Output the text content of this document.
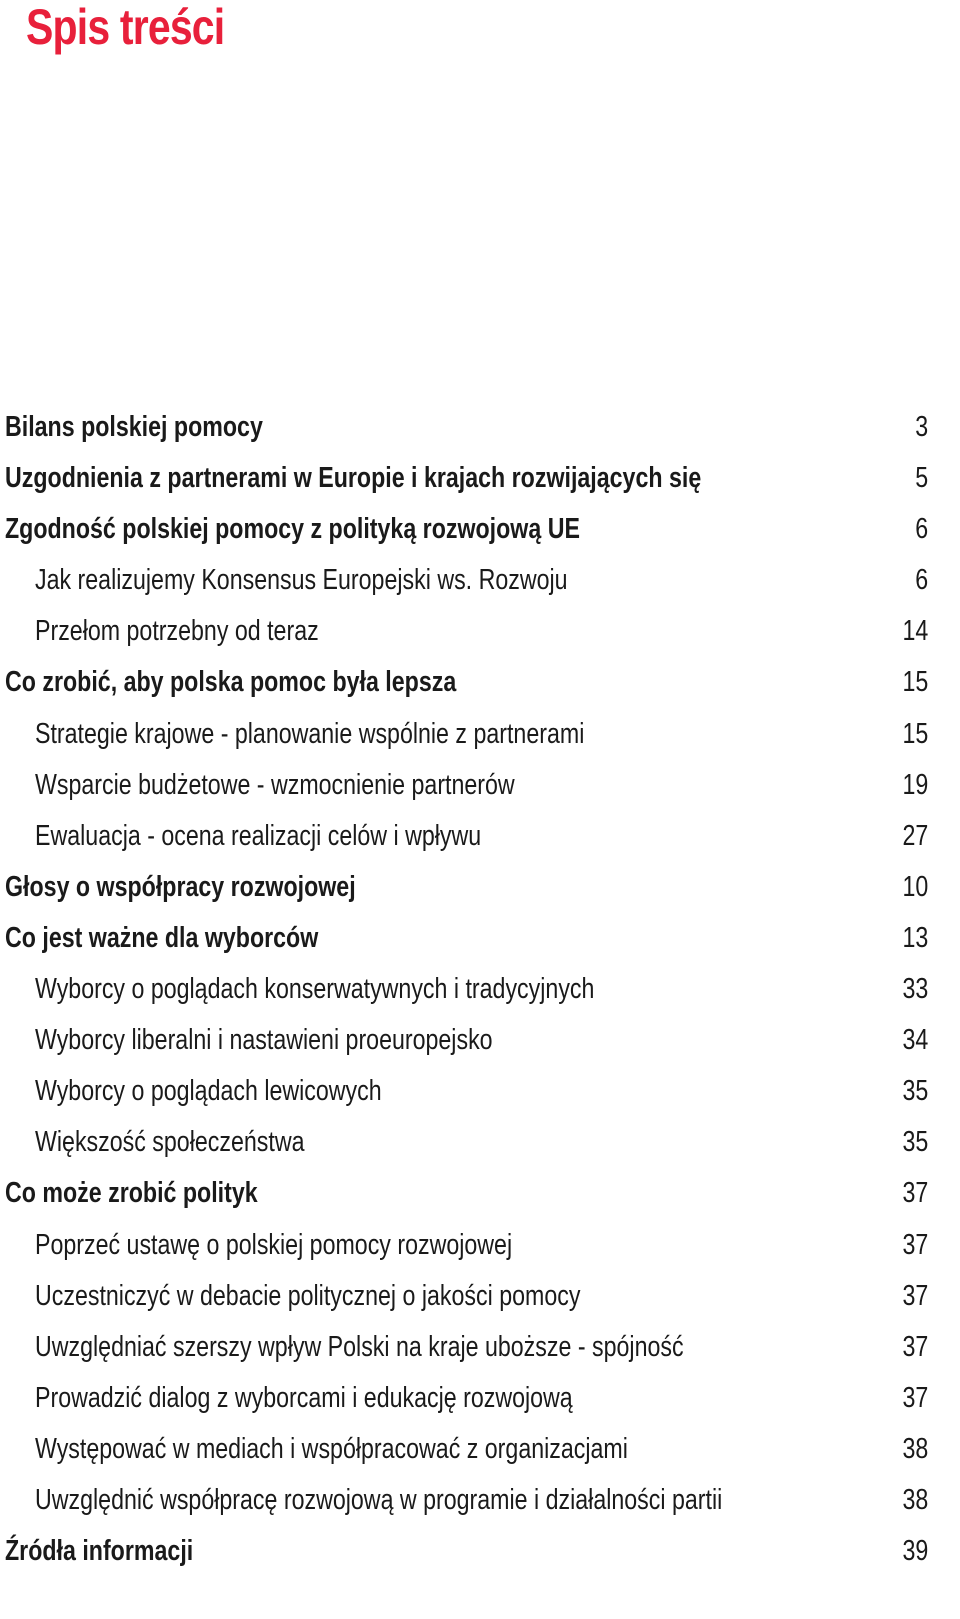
Spis treści
Bilans polskiej pomocy	3
Uzgodnienia z partnerami w Europie i krajach rozwijających się	5
Zgodność polskiej pomocy z polityką rozwojową UE	6
Jak realizujemy Konsensus Europejski ws. Rozwoju	6
Przełom potrzebny od teraz	14
Co zrobić, aby polska pomoc była lepsza	15
Strategie krajowe - planowanie wspólnie z partnerami	15
Wsparcie budżetowe - wzmocnienie partnerów	19
Ewaluacja - ocena realizacji celów i wpływu	27
Głosy o współpracy rozwojowej	10
Co jest ważne dla wyborców	13
Wyborcy o poglądach konserwatywnych i tradycyjnych	33
Wyborcy liberalni i nastawieni proeuropejsko	34
Wyborcy o poglądach lewicowych	35
Większość społeczeństwa	35
Co może zrobić polityk	37
Poprzeć ustawę o polskiej pomocy rozwojowej	37
Uczestniczyć w debacie politycznej o jakości pomocy	37
Uwzględniać szerszy wpływ Polski na kraje uboższe - spójność	37
Prowadzić dialog z wyborcami i edukację rozwojową	37
Występować w mediach i współpracować z organizacjami	38
Uwzględnić współpracę rozwojową w programie i działalności partii	38
Źródła informacji	39
